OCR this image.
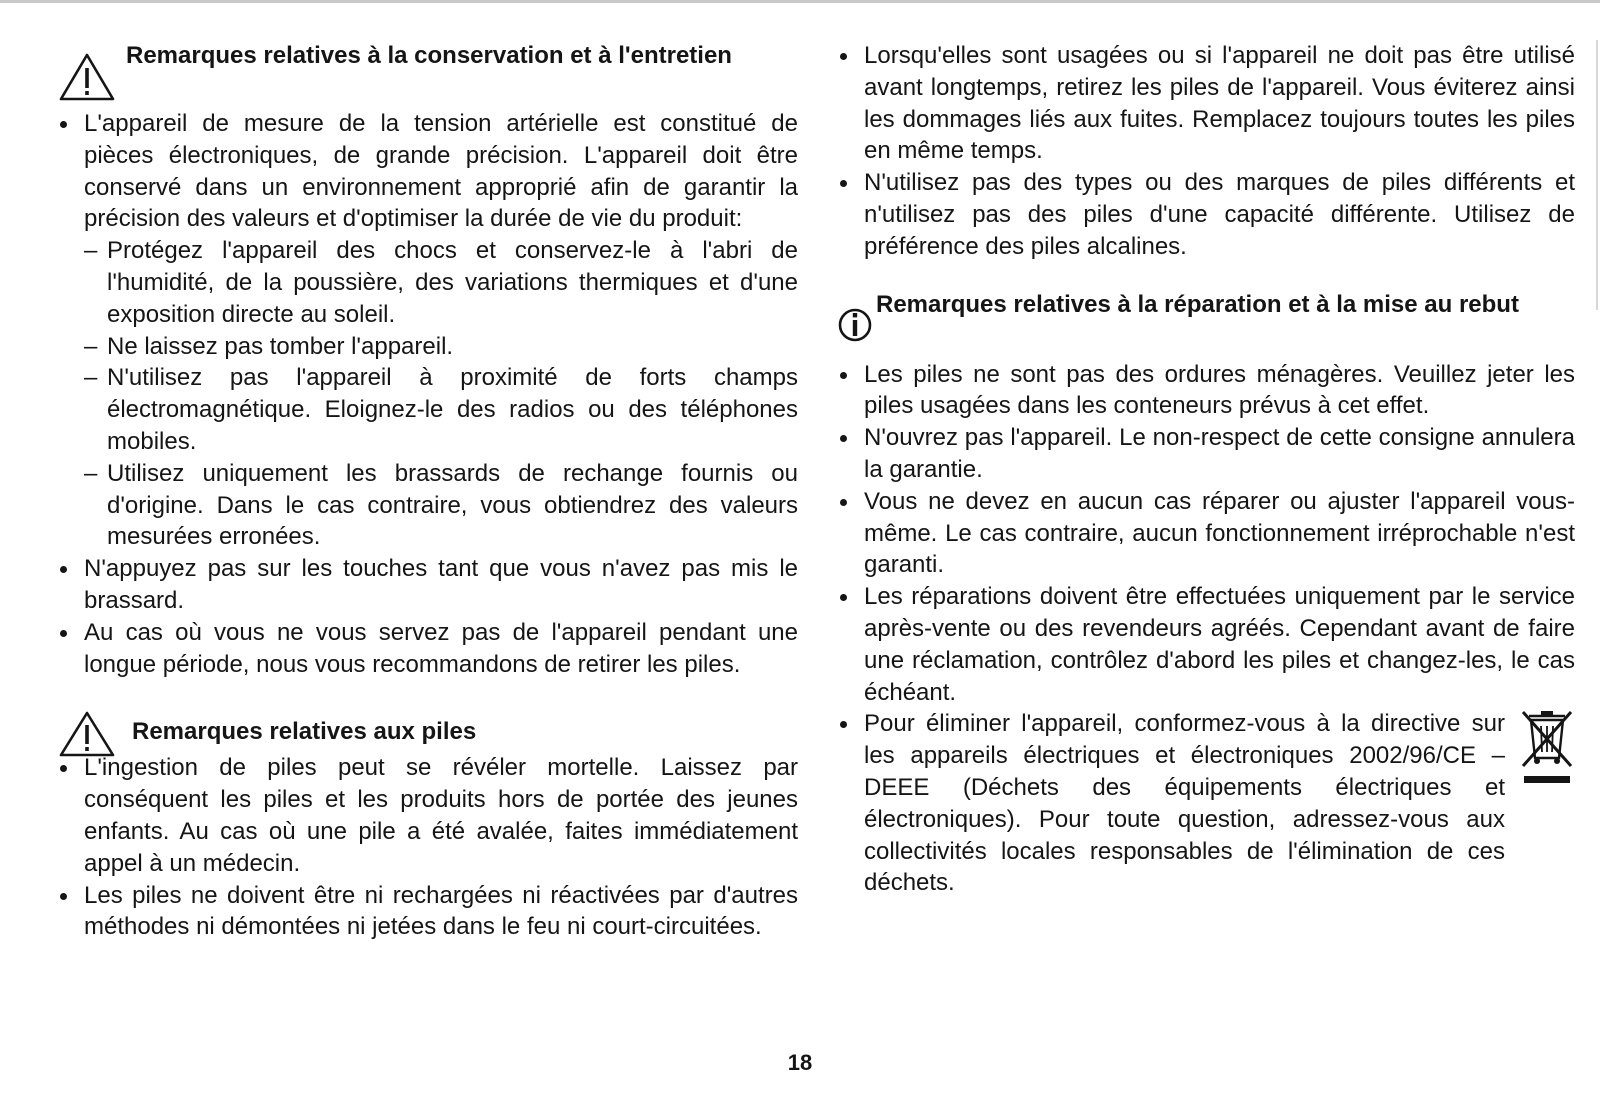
Remarques relatives à la conservation et à l'entretien
L'appareil de mesure de la tension artérielle est constitué de pièces électroniques, de grande précision. L'appareil doit être conservé dans un environnement approprié afin de garantir la précision des valeurs et d'optimiser la durée de vie du produit:
– Protégez l'appareil des chocs et conservez-le à l'abri de l'humidité, de la poussière, des variations thermiques et d'une exposition directe au soleil.
– Ne laissez pas tomber l'appareil.
– N'utilisez pas l'appareil à proximité de forts champs électromagnétique. Eloignez-le des radios ou des téléphones mobiles.
– Utilisez uniquement les brassards de rechange fournis ou d'origine. Dans le cas contraire, vous obtiendrez des valeurs mesurées erronées.
N'appuyez pas sur les touches tant que vous n'avez pas mis le brassard.
Au cas où vous ne vous servez pas de l'appareil pendant une longue période, nous vous recommandons de retirer les piles.
Remarques relatives aux piles
L'ingestion de piles peut se révéler mortelle. Laissez par conséquent les piles et les produits hors de portée des jeunes enfants. Au cas où une pile a été avalée, faites immédiatement appel à un médecin.
Les piles ne doivent être ni rechargées ni réactivées par d'autres méthodes ni démontées ni jetées dans le feu ni court-circuitées.
Lorsqu'elles sont usagées ou si l'appareil ne doit pas être utilisé avant longtemps, retirez les piles de l'appareil. Vous éviterez ainsi les dommages liés aux fuites. Remplacez toujours toutes les piles en même temps.
N'utilisez pas des types ou des marques de piles différents et n'utilisez pas des piles d'une capacité différente. Utilisez de préférence des piles alcalines.
Remarques relatives à la réparation et à la mise au rebut
Les piles ne sont pas des ordures ménagères. Veuillez jeter les piles usagées dans les conteneurs prévus à cet effet.
N'ouvrez pas l'appareil. Le non-respect de cette consigne annulera la garantie.
Vous ne devez en aucun cas réparer ou ajuster l'appareil vous-même. Le cas contraire, aucun fonctionnement irréprochable n'est garanti.
Les réparations doivent être effectuées uniquement par le service après-vente ou des revendeurs agréés. Cependant avant de faire une réclamation, contrôlez d'abord les piles et changez-les, le cas échéant.
Pour éliminer l'appareil, conformez-vous à la directive sur les appareils électriques et électroniques 2002/96/CE – DEEE (Déchets des équipements électriques et électroniques). Pour toute question, adressez-vous aux collectivités locales responsables de l'élimination de ces déchets.
18
